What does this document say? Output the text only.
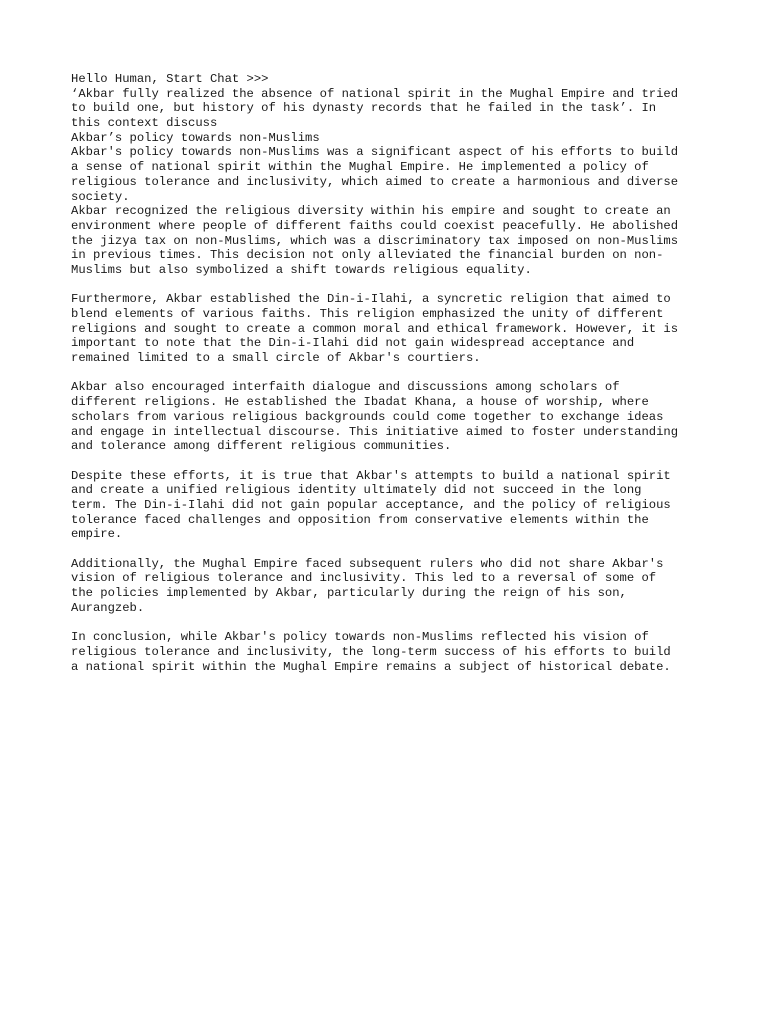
Hello Human, Start Chat >>>
‘Akbar fully realized the absence of national spirit in the Mughal Empire and tried
to build one, but history of his dynasty records that he failed in the task’. In
this context discuss
Akbar’s policy towards non-Muslims
Akbar's policy towards non-Muslims was a significant aspect of his efforts to build
a sense of national spirit within the Mughal Empire. He implemented a policy of
religious tolerance and inclusivity, which aimed to create a harmonious and diverse
society.
Akbar recognized the religious diversity within his empire and sought to create an
environment where people of different faiths could coexist peacefully. He abolished
the jizya tax on non-Muslims, which was a discriminatory tax imposed on non-Muslims
in previous times. This decision not only alleviated the financial burden on non-
Muslims but also symbolized a shift towards religious equality.
Furthermore, Akbar established the Din-i-Ilahi, a syncretic religion that aimed to
blend elements of various faiths. This religion emphasized the unity of different
religions and sought to create a common moral and ethical framework. However, it is
important to note that the Din-i-Ilahi did not gain widespread acceptance and
remained limited to a small circle of Akbar's courtiers.
Akbar also encouraged interfaith dialogue and discussions among scholars of
different religions. He established the Ibadat Khana, a house of worship, where
scholars from various religious backgrounds could come together to exchange ideas
and engage in intellectual discourse. This initiative aimed to foster understanding
and tolerance among different religious communities.
Despite these efforts, it is true that Akbar's attempts to build a national spirit
and create a unified religious identity ultimately did not succeed in the long
term. The Din-i-Ilahi did not gain popular acceptance, and the policy of religious
tolerance faced challenges and opposition from conservative elements within the
empire.
Additionally, the Mughal Empire faced subsequent rulers who did not share Akbar's
vision of religious tolerance and inclusivity. This led to a reversal of some of
the policies implemented by Akbar, particularly during the reign of his son,
Aurangzeb.
In conclusion, while Akbar's policy towards non-Muslims reflected his vision of
religious tolerance and inclusivity, the long-term success of his efforts to build
a national spirit within the Mughal Empire remains a subject of historical debate.
